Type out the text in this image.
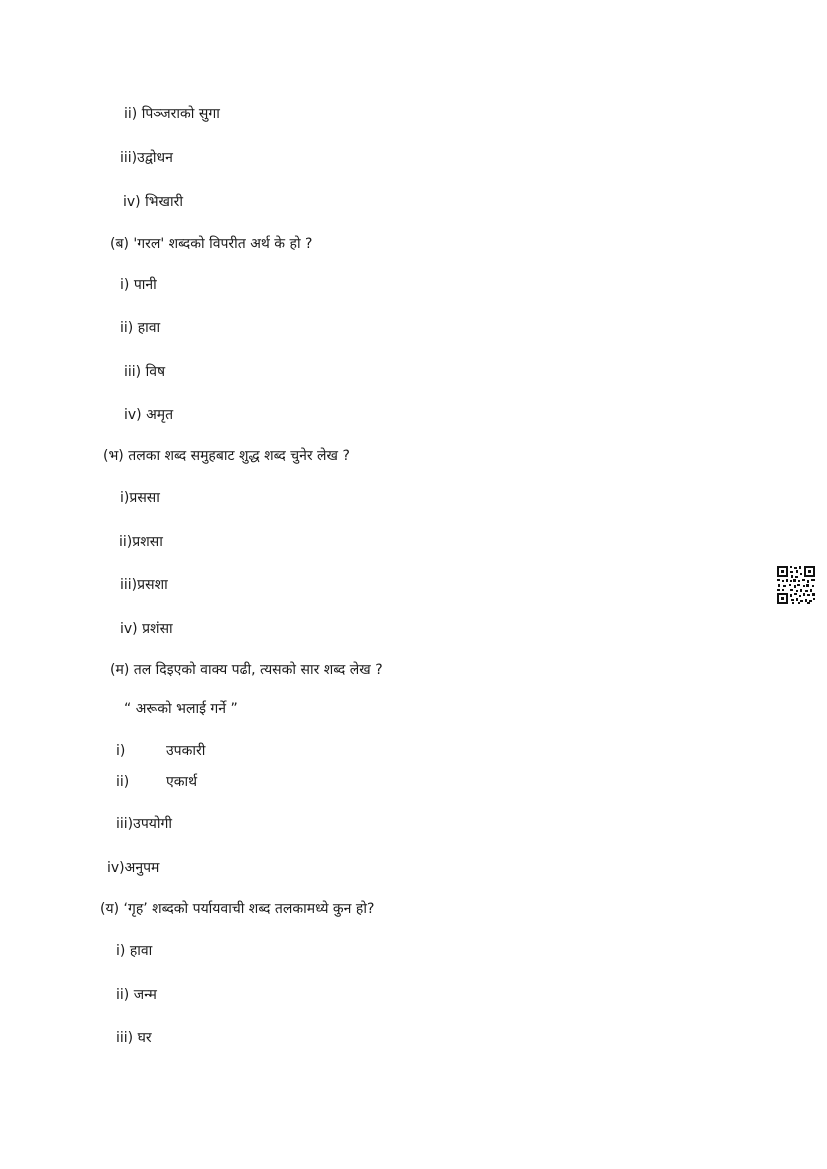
ii) पिञ्जराको सुगा
iii)उद्वोधन
iv) भिखारी
(ब) 'गरल' शब्दको विपरीत अर्थ के हो ?
i) पानी
ii) हावा
iii) विष
iv) अमृत
(भ) तलका शब्द समुहबाट शुद्ध शब्द चुनेर लेख ?
i)प्रससा
ii)प्रशसा
iii)प्रसशा
iv) प्रशंसा
(म) तल दिइएको वाक्य पढी, त्यसको सार शब्द लेख ?
“ अरूको भलाई गर्ने ”
i)	उपकारी
ii)	एकार्थ
iii)उपयोगी
iv)अनुपम
(य) ‘गृह’ शब्दको पर्यायवाची शब्द तलकामध्ये कुन हो?
i) हावा
ii) जन्म
iii) घर
